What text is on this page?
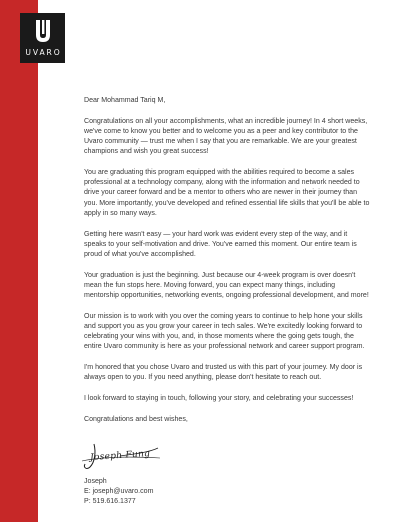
UVARO

Dear Mohammad Tariq M,

Congratulations on all your accomplishments, what an incredible journey! In 4 short weeks, we've come to know you better and to welcome you as a peer and key contributor to the Uvaro community — trust me when I say that you are remarkable. We are your greatest champions and wish you great success!

You are graduating this program equipped with the abilities required to become a sales professional at a technology company, along with the information and network needed to drive your career forward and be a mentor to others who are newer in their journey than you. More importantly, you've developed and refined essential life skills that you'll be able to apply in so many ways.

Getting here wasn't easy — your hard work was evident every step of the way, and it speaks to your self-motivation and drive. You've earned this moment. Our entire team is proud of what you've accomplished.

Your graduation is just the beginning. Just because our 4-week program is over doesn't mean the fun stops here. Moving forward, you can expect many things, including mentorship opportunities, networking events, ongoing professional development, and more!

Our mission is to work with you over the coming years to continue to help hone your skills and support you as you grow your career in tech sales. We're excitedly looking forward to celebrating your wins with you, and, in those moments where the going gets tough, the entire Uvaro community is here as your professional network and career support program.

I'm honored that you chose Uvaro and trusted us with this part of your journey. My door is always open to you. If you need anything, please don't hesitate to reach out.

I look forward to staying in touch, following your story, and celebrating your successes!

Congratulations and best wishes,

Joseph Fung
Joseph
E: joseph@uvaro.com
P: 519.616.1377
